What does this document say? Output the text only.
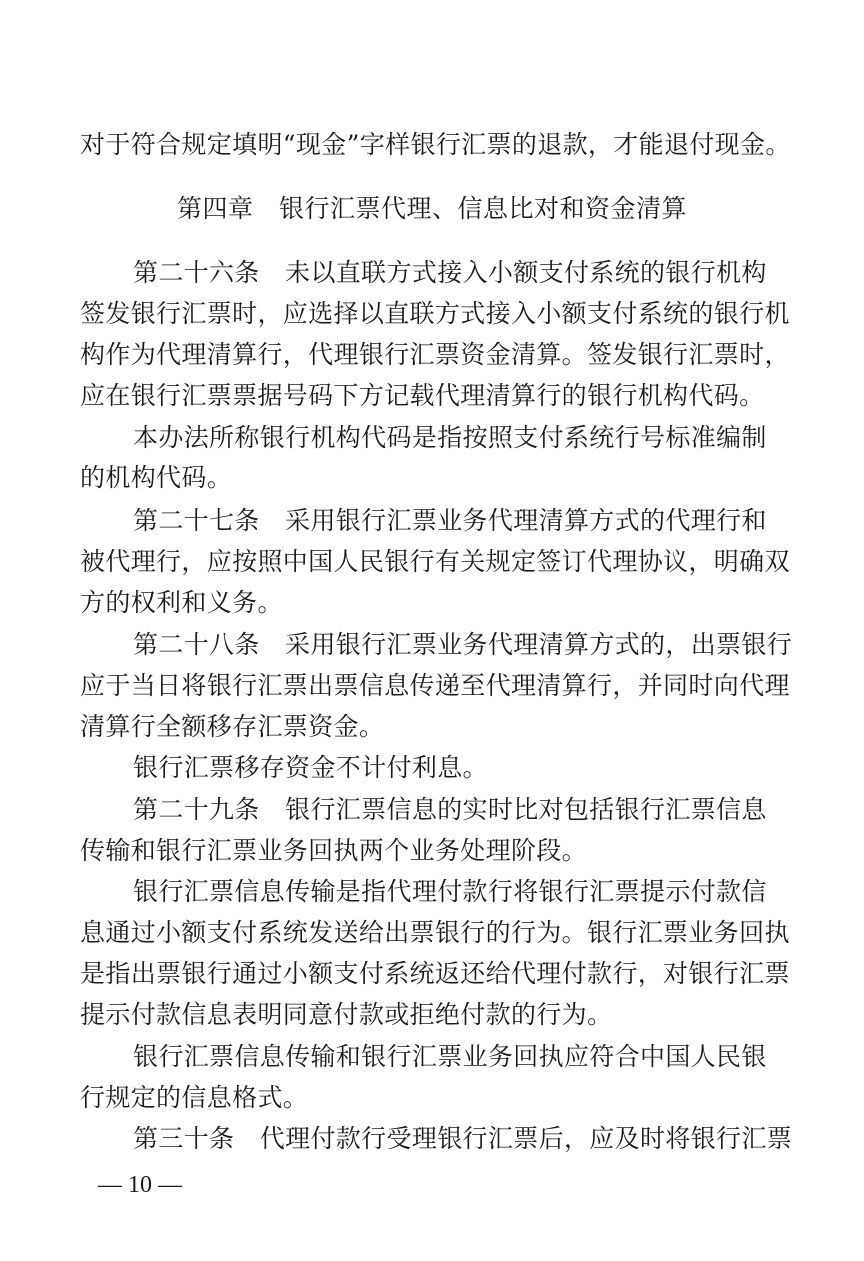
对于符合规定填明“现金”字样银行汇票的退款，才能退付现金。
第四章　银行汇票代理、信息比对和资金清算
第二十六条　未以直联方式接入小额支付系统的银行机构
签发银行汇票时，应选择以直联方式接入小额支付系统的银行机
构作为代理清算行，代理银行汇票资金清算。签发银行汇票时，
应在银行汇票票据号码下方记载代理清算行的银行机构代码。
本办法所称银行机构代码是指按照支付系统行号标准编制
的机构代码。
第二十七条　采用银行汇票业务代理清算方式的代理行和
被代理行，应按照中国人民银行有关规定签订代理协议，明确双
方的权利和义务。
第二十八条　采用银行汇票业务代理清算方式的，出票银行
应于当日将银行汇票出票信息传递至代理清算行，并同时向代理
清算行全额移存汇票资金。
银行汇票移存资金不计付利息。
第二十九条　银行汇票信息的实时比对包括银行汇票信息
传输和银行汇票业务回执两个业务处理阶段。
银行汇票信息传输是指代理付款行将银行汇票提示付款信
息通过小额支付系统发送给出票银行的行为。银行汇票业务回执
是指出票银行通过小额支付系统返还给代理付款行，对银行汇票
提示付款信息表明同意付款或拒绝付款的行为。
银行汇票信息传输和银行汇票业务回执应符合中国人民银
行规定的信息格式。
第三十条　代理付款行受理银行汇票后，应及时将银行汇票
— 10 —
